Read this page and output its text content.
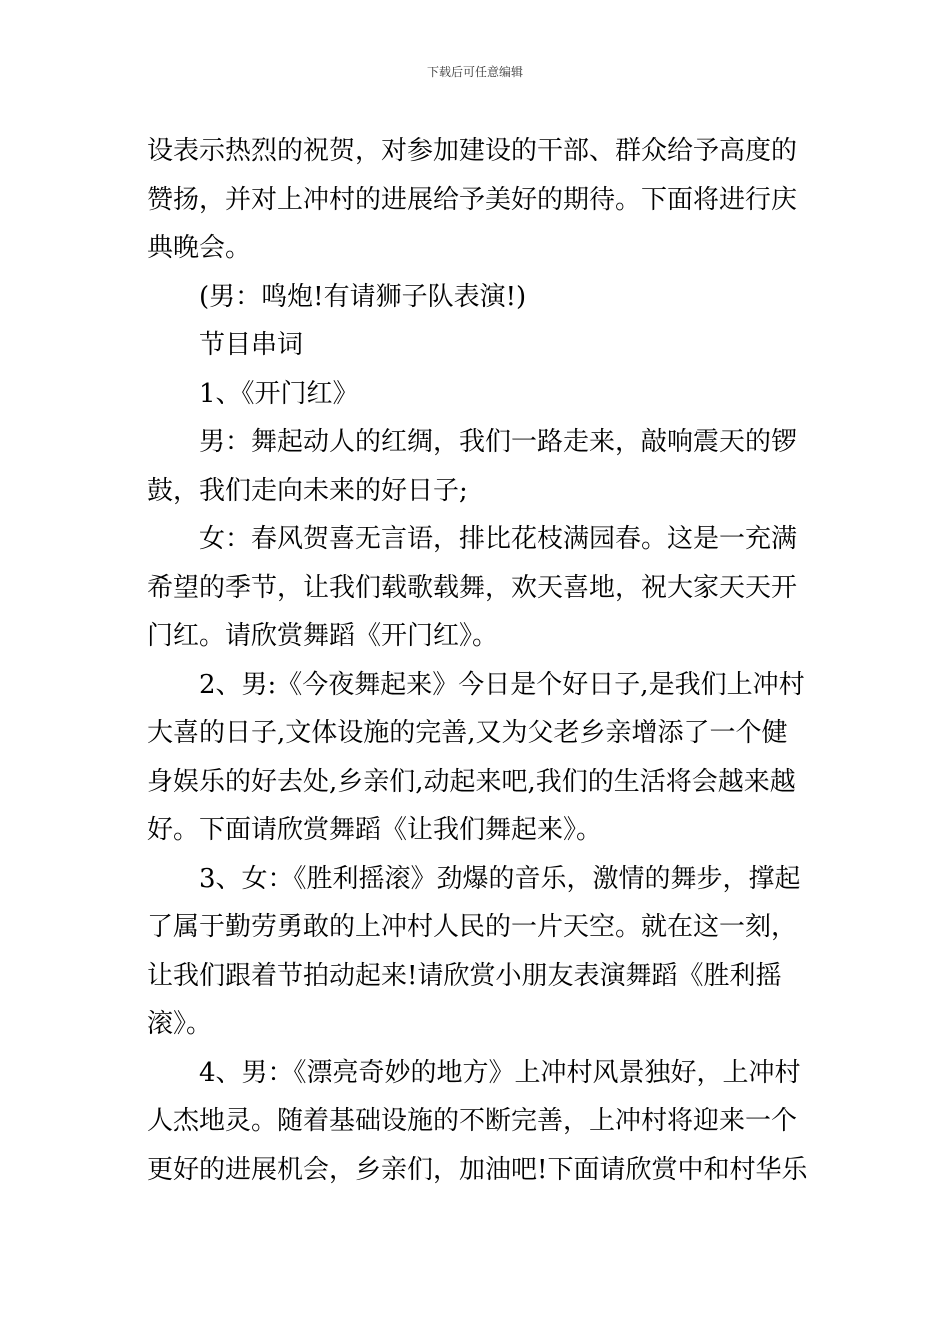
下载后可任意编辑
设表示热烈的祝贺，对参加建设的干部、群众给予高度的
赞扬，并对上冲村的进展给予美好的期待。下面将进行庆
典晚会。
(男：鸣炮!有请狮子队表演!)
节目串词
1、《开门红》
男：舞起动人的红绸，我们一路走来，敲响震天的锣
鼓，我们走向未来的好日子;
女：春风贺喜无言语，排比花枝满园春。这是一充满
希望的季节，让我们载歌载舞，欢天喜地，祝大家天天开
门红。请欣赏舞蹈《开门红》。
2、男:《今夜舞起来》今日是个好日子,是我们上冲村
大喜的日子,文体设施的完善,又为父老乡亲增添了一个健
身娱乐的好去处,乡亲们,动起来吧,我们的生活将会越来越
好。下面请欣赏舞蹈《让我们舞起来》。
3、女：《胜利摇滚》劲爆的音乐，激情的舞步，撑起
了属于勤劳勇敢的上冲村人民的一片天空。就在这一刻，
让我们跟着节拍动起来!请欣赏小朋友表演舞蹈《胜利摇
滚》。
4、男：《漂亮奇妙的地方》上冲村风景独好，上冲村
人杰地灵。随着基础设施的不断完善，上冲村将迎来一个
更好的进展机会，乡亲们，加油吧!下面请欣赏中和村华乐
